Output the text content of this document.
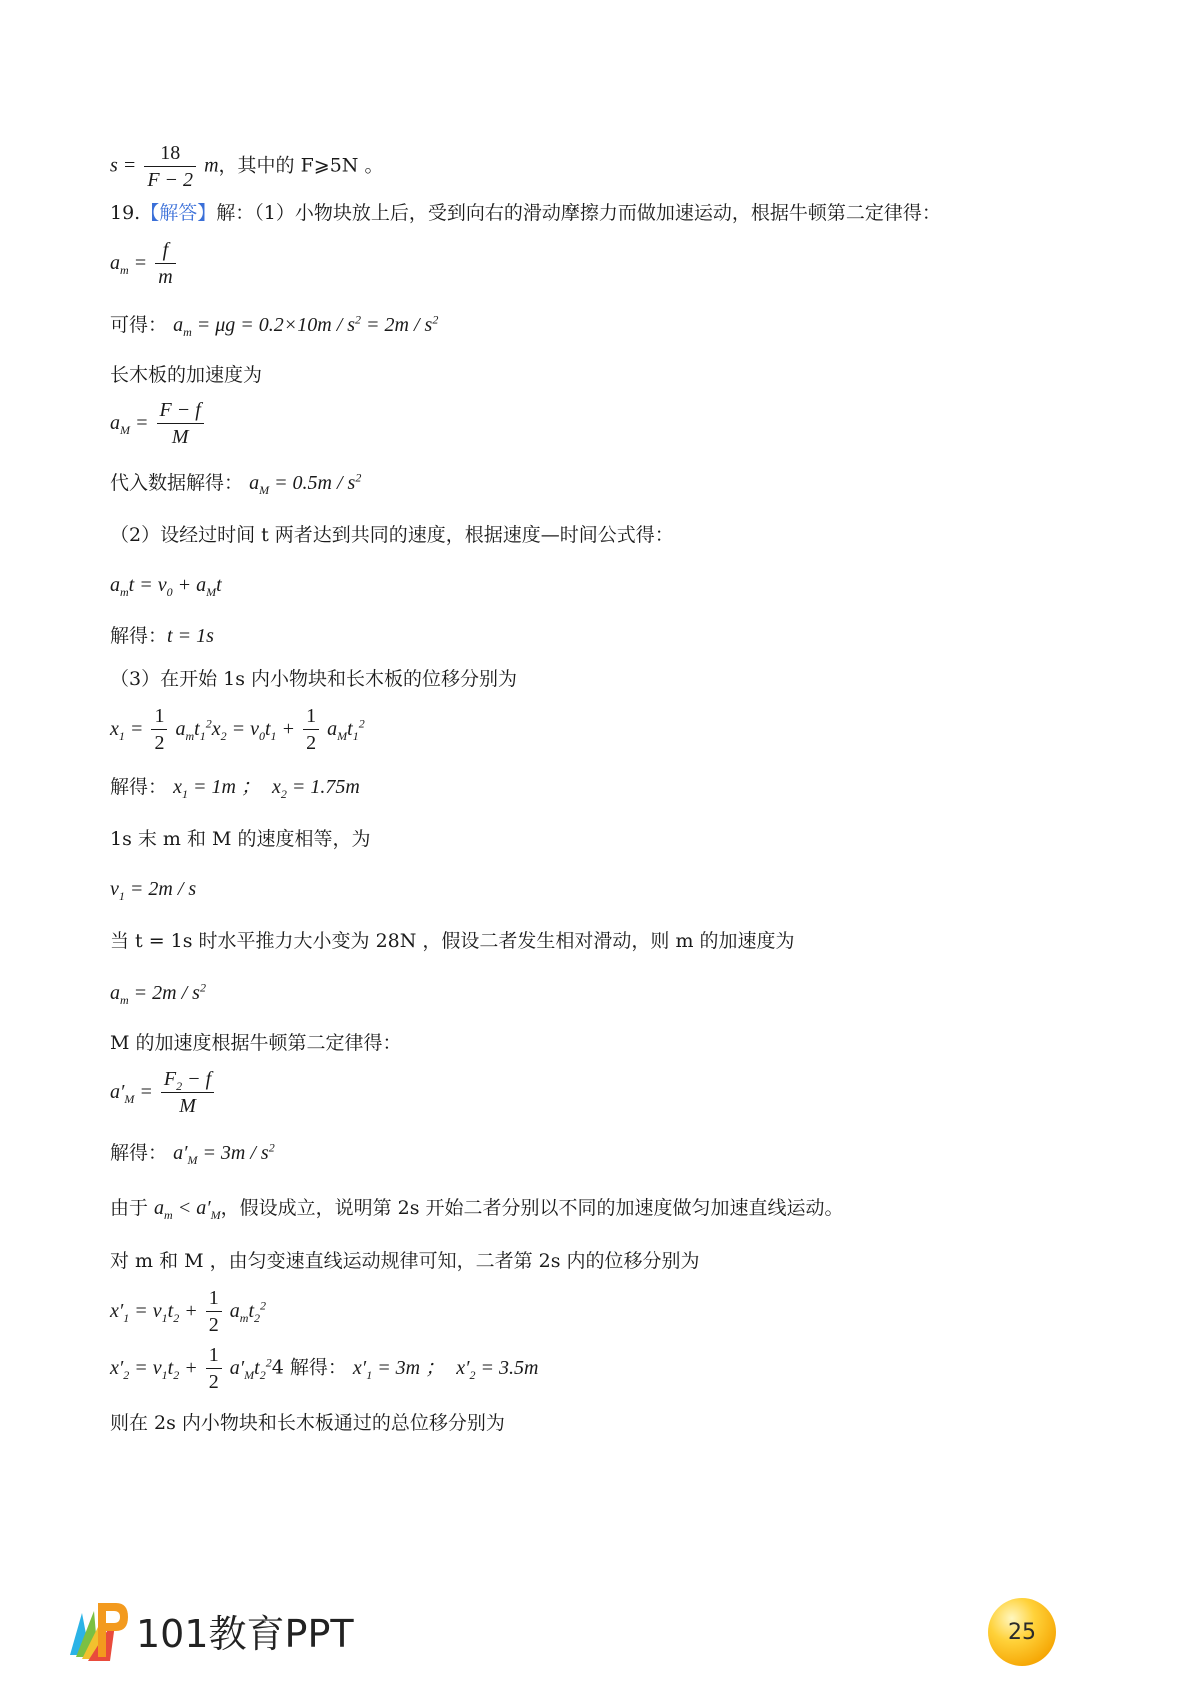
$s = \frac{18}{F - 2}$ m，其中的 F⩾5N 。
19.【解答】解：（1）小物块放上后，受到向右的滑动摩擦力而做加速运动，根据牛顿第二定律得：
$a_m = \frac{f}{m}$
可得： $a_m = \mu g = 0.2\times 10m / s^2 = 2m / s^2$
长木板的加速度为
$a_M = \frac{F - f}{M}$
代入数据解得： $a_M = 0.5m / s^2$
（2）设经过时间 t 两者达到共同的速度，根据速度—时间公式得：
$a_mt = v_0 + a_Mt$
解得：t = 1s
（3）在开始 1s 内小物块和长木板的位移分别为
$x_1 = \frac{1}{2} a_mt_1^2x_2 = v_0t_1 + \frac{1}{2} a_Mt_1^2$
解得： $x_1 = 1m$ ；  $x_2 = 1.75m$
1s 末 m 和 M 的速度相等，为
$v_1 = 2m / s$
当 t = 1s 时水平推力大小变为 28N ，假设二者发生相对滑动，则 m 的加速度为
$a_m = 2m / s^2$
M 的加速度根据牛顿第二定律得：
$a'_M = \frac{F_2 - f}{M}$
解得： $a'_M = 3m / s^2$
由于 $a_m < a'_M$，假设成立，说明第 2s 开始二者分别以不同的加速度做匀加速直线运动。
对 m 和 M ，由匀变速直线运动规律可知，二者第 2s 内的位移分别为
$x'_1 = v_1t_2 + \frac{1}{2} a_mt_2^2$
$x'_2 = v_1t_2 + \frac{1}{2} a'_Mt_2^24$ 解得： $x'_1 = 3m$ ；  $x'_2 = 3.5m$
则在 2s 内小物块和长木板通过的总位移分别为
101教育PPT	25
